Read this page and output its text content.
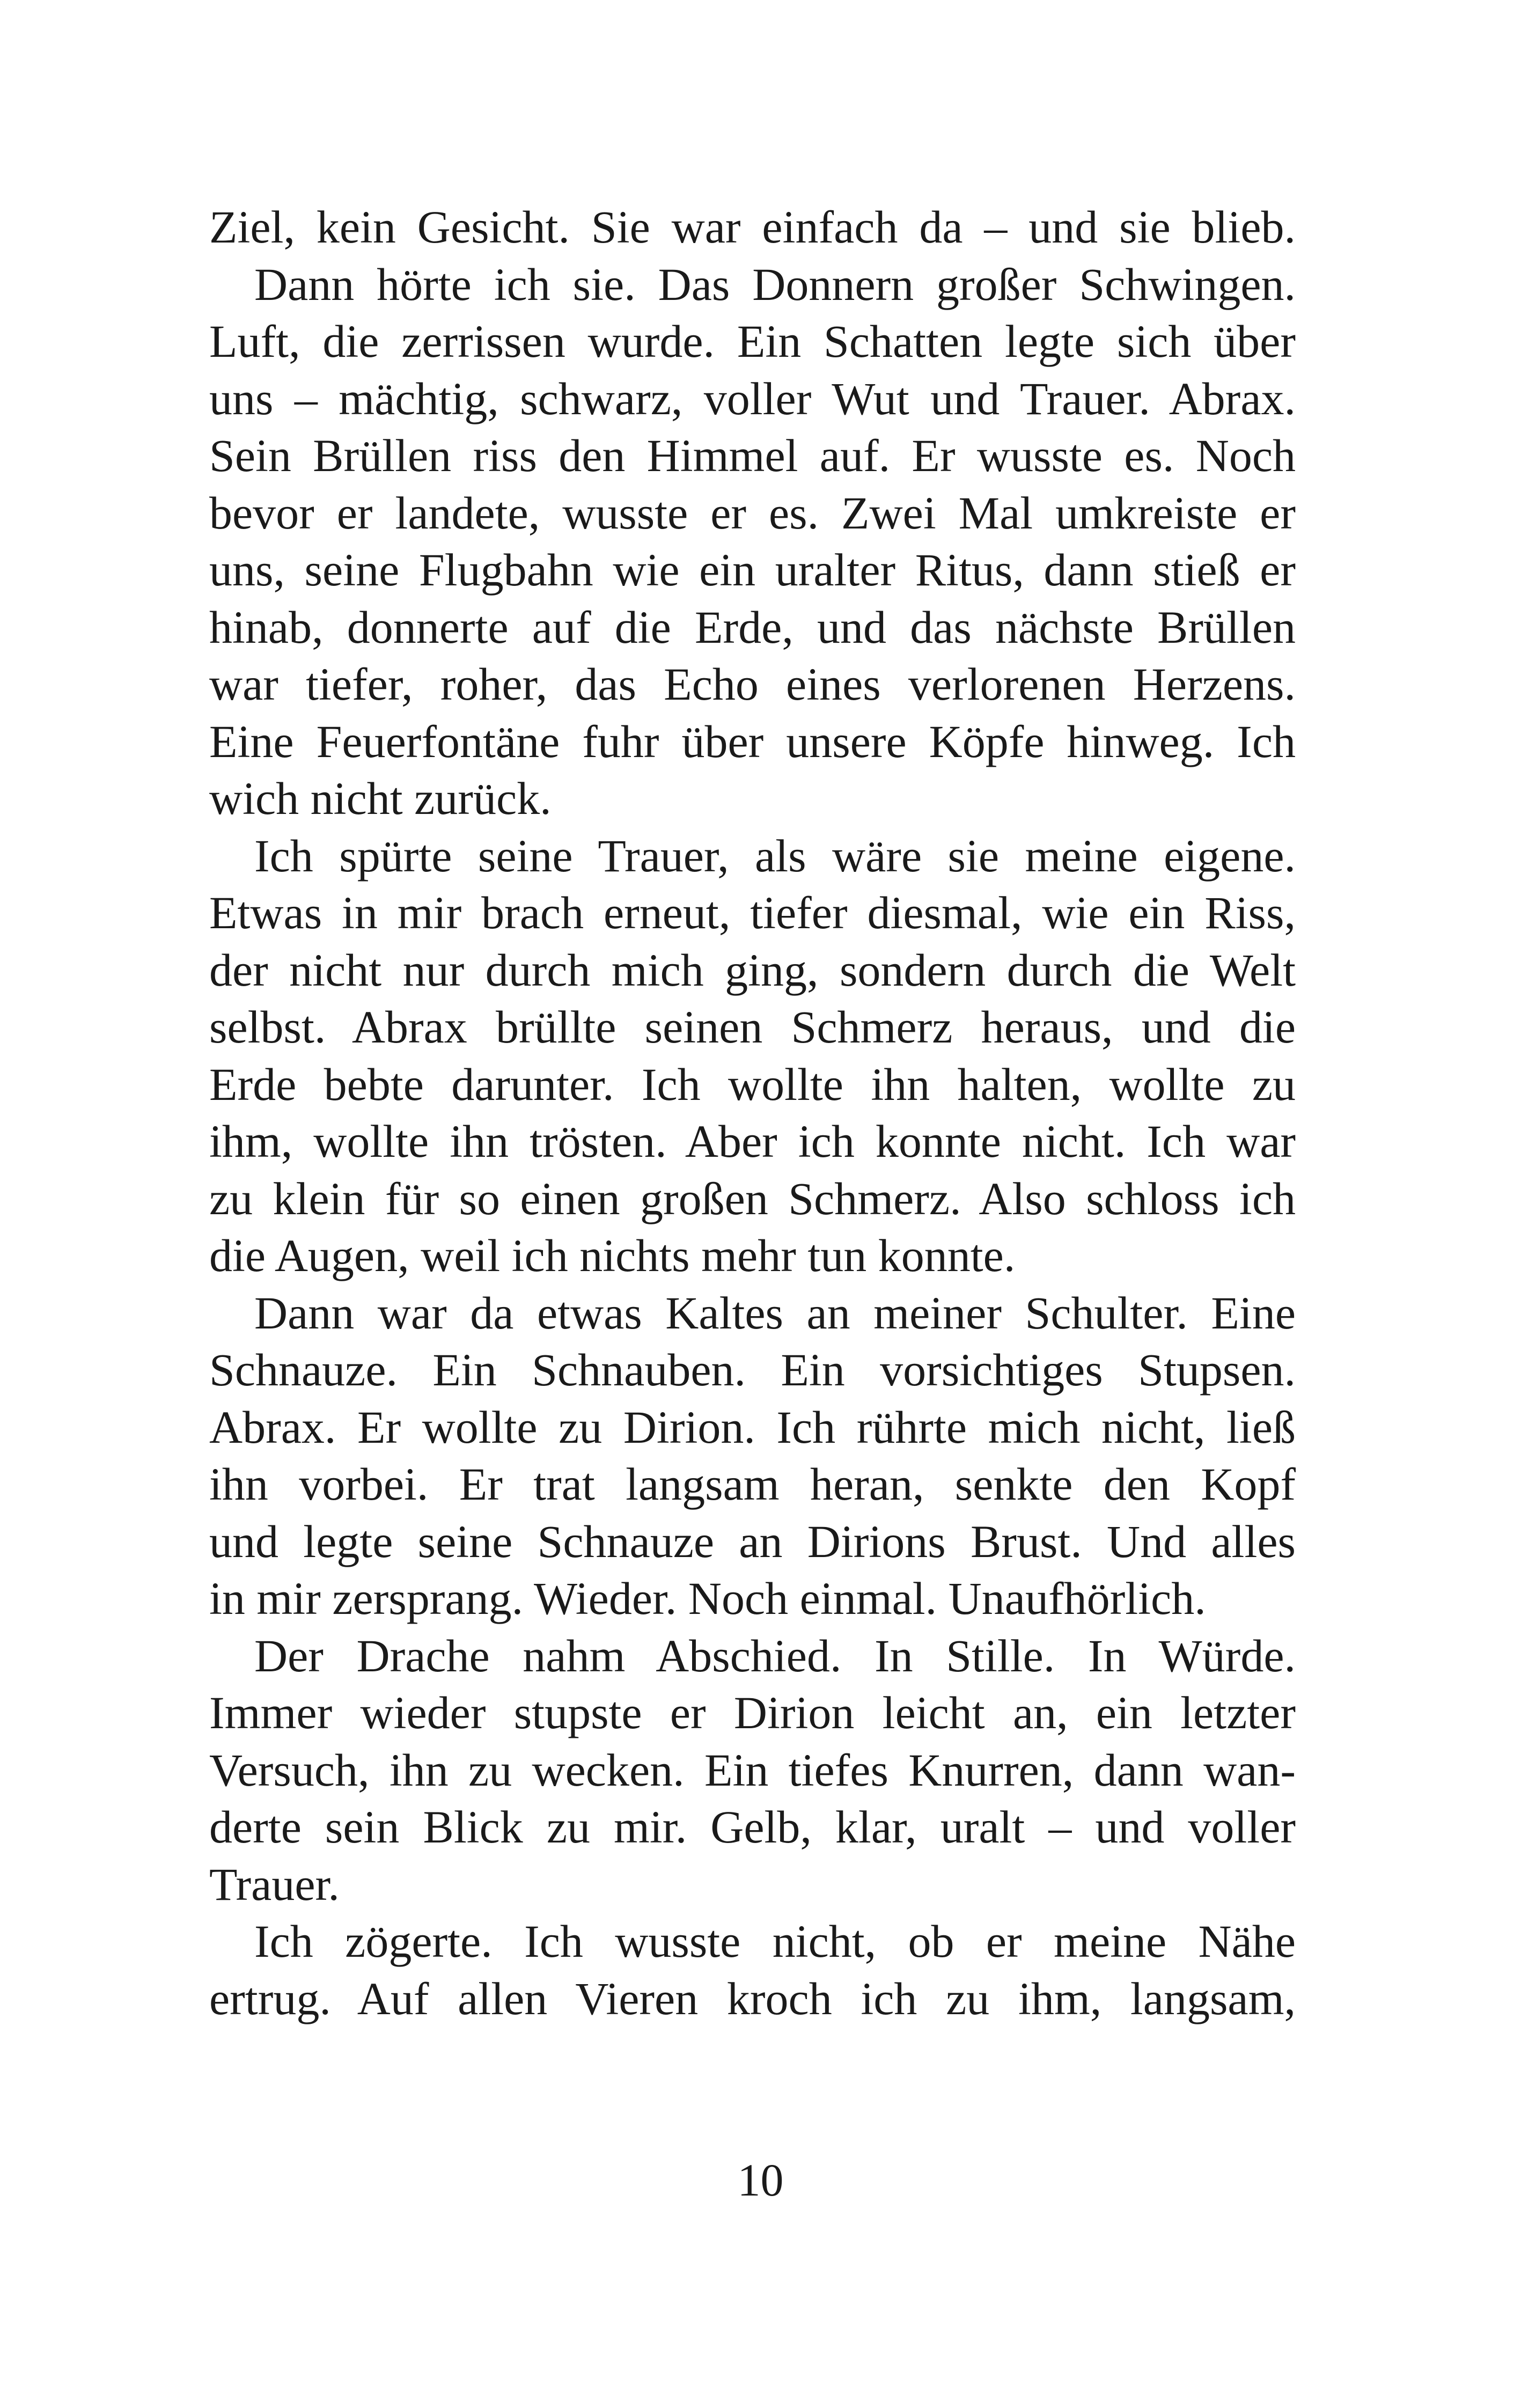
Ziel, kein Gesicht. Sie war einfach da – und sie blieb.
Dann hörte ich sie. Das Donnern großer Schwingen.
Luft, die zerrissen wurde. Ein Schatten legte sich über
uns – mächtig, schwarz, voller Wut und Trauer. Abrax.
Sein Brüllen riss den Himmel auf. Er wusste es. Noch
bevor er landete, wusste er es. Zwei Mal umkreiste er
uns, seine Flugbahn wie ein uralter Ritus, dann stieß er
hinab, donnerte auf die Erde, und das nächste Brüllen
war tiefer, roher, das Echo eines verlorenen Herzens.
Eine Feuerfontäne fuhr über unsere Köpfe hinweg. Ich
wich nicht zurück.
Ich spürte seine Trauer, als wäre sie meine eigene.
Etwas in mir brach erneut, tiefer diesmal, wie ein Riss,
der nicht nur durch mich ging, sondern durch die Welt
selbst. Abrax brüllte seinen Schmerz heraus, und die
Erde bebte darunter. Ich wollte ihn halten, wollte zu
ihm, wollte ihn trösten. Aber ich konnte nicht. Ich war
zu klein für so einen großen Schmerz. Also schloss ich
die Augen, weil ich nichts mehr tun konnte.
Dann war da etwas Kaltes an meiner Schulter. Eine
Schnauze. Ein Schnauben. Ein vorsichtiges Stupsen.
Abrax. Er wollte zu Dirion. Ich rührte mich nicht, ließ
ihn vorbei. Er trat langsam heran, senkte den Kopf
und legte seine Schnauze an Dirions Brust. Und alles
in mir zersprang. Wieder. Noch einmal. Unaufhörlich.
Der Drache nahm Abschied. In Stille. In Würde.
Immer wieder stupste er Dirion leicht an, ein letzter
Versuch, ihn zu wecken. Ein tiefes Knurren, dann wan-
derte sein Blick zu mir. Gelb, klar, uralt – und voller
Trauer.
Ich zögerte. Ich wusste nicht, ob er meine Nähe
ertrug. Auf allen Vieren kroch ich zu ihm, langsam,
10
